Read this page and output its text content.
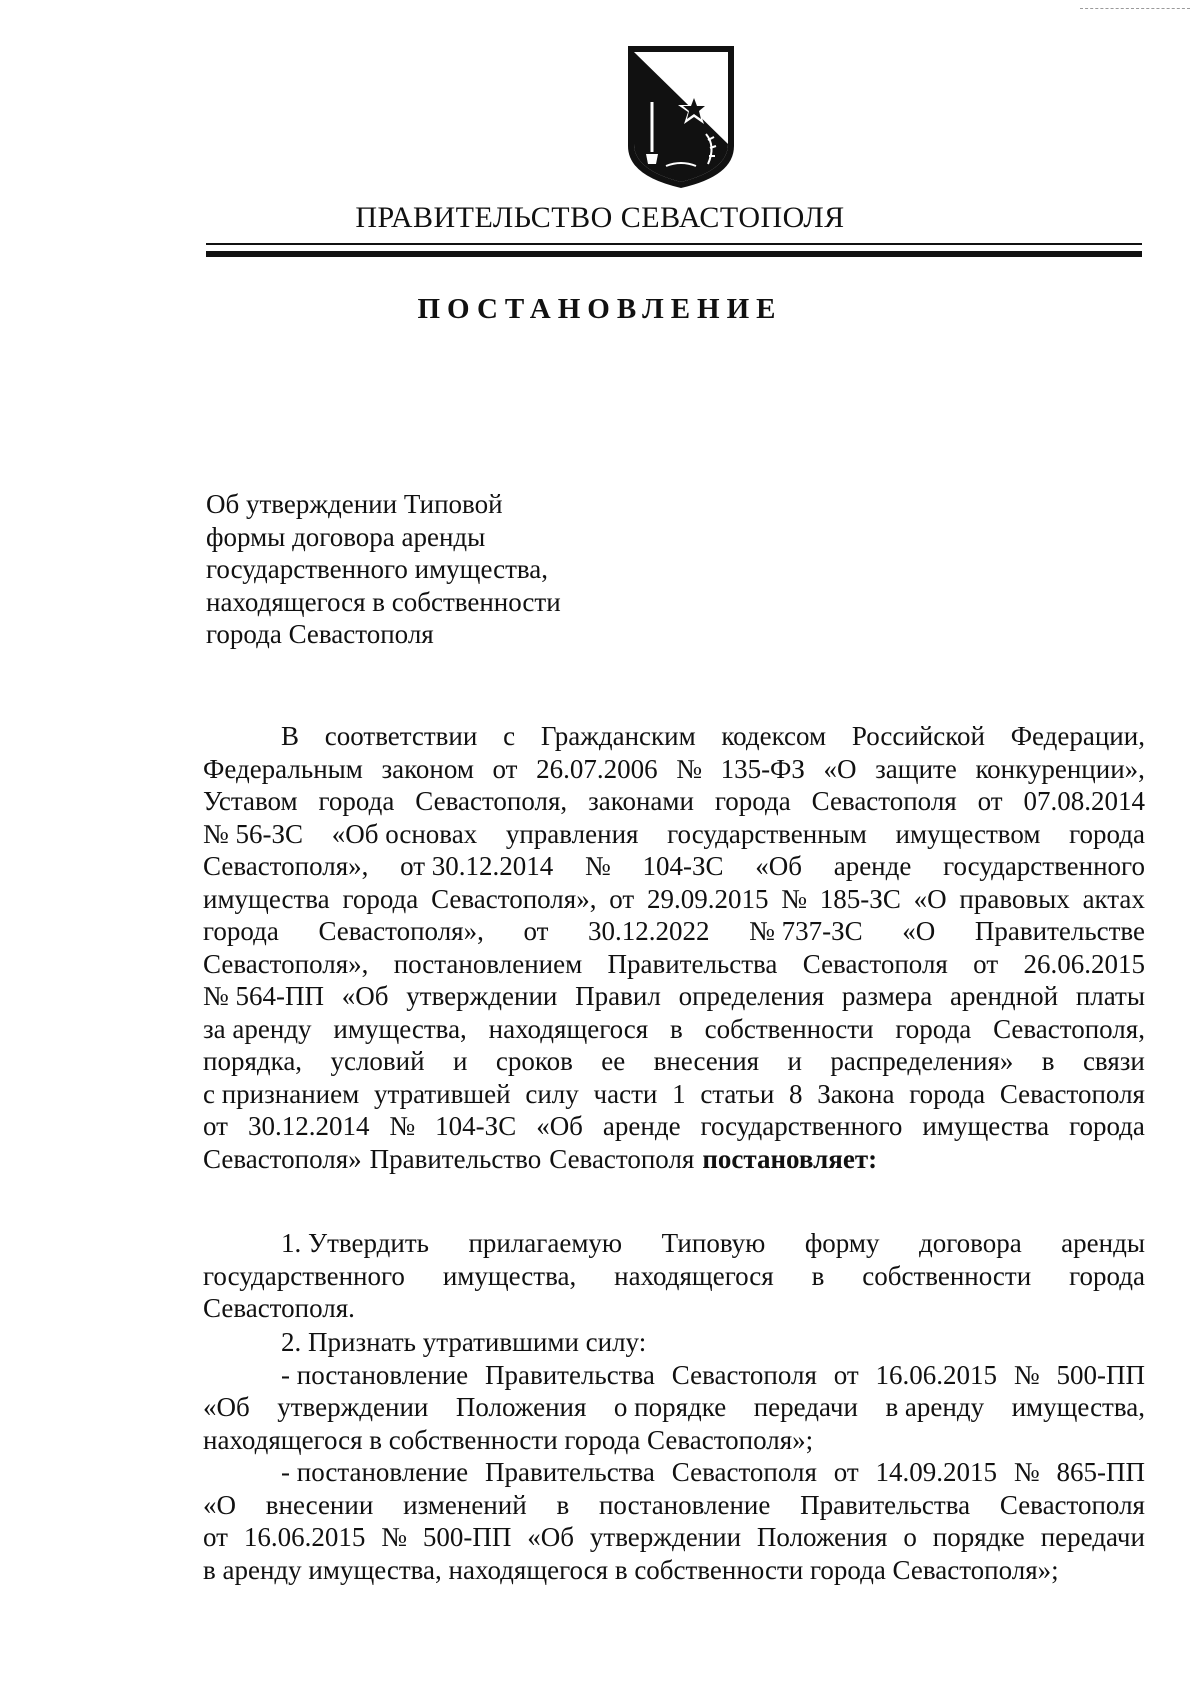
ПРАВИТЕЛЬСТВО СЕВАСТОПОЛЯ
ПОСТАНОВЛЕНИЕ
Об утверждении Типовой
формы договора аренды
государственного имущества,
находящегося в собственности
города Севастополя
В соответствии с Гражданским кодексом Российской Федерации,
Федеральным законом от 26.07.2006 № 135-ФЗ «О защите конкуренции»,
Уставом города Севастополя, законами города Севастополя от 07.08.2014
№ 56-ЗС «Об основах управления государственным имуществом города
Севастополя», от 30.12.2014 № 104-ЗС «Об аренде государственного
имущества города Севастополя», от 29.09.2015 № 185-ЗС «О правовых актах
города Севастополя», от 30.12.2022 № 737-ЗС «О Правительстве
Севастополя», постановлением Правительства Севастополя от 26.06.2015
№ 564-ПП «Об утверждении Правил определения размера арендной платы
за аренду имущества, находящегося в собственности города Севастополя,
порядка, условий и сроков ее внесения и распределения» в связи
с признанием утратившей силу части 1 статьи 8 Закона города Севастополя
от 30.12.2014 № 104-ЗС «Об аренде государственного имущества города
Севастополя» Правительство Севастополя постановляет:
1. Утвердить прилагаемую Типовую форму договора аренды
государственного имущества, находящегося в собственности города
Севастополя.
2. Признать утратившими силу:
- постановление Правительства Севастополя от 16.06.2015 № 500-ПП
«Об утверждении Положения о порядке передачи в аренду имущества,
находящегося в собственности города Севастополя»;
- постановление Правительства Севастополя от 14.09.2015 № 865-ПП
«О внесении изменений в постановление Правительства Севастополя
от 16.06.2015 № 500-ПП «Об утверждении Положения о порядке передачи
в аренду имущества, находящегося в собственности города Севастополя»;
